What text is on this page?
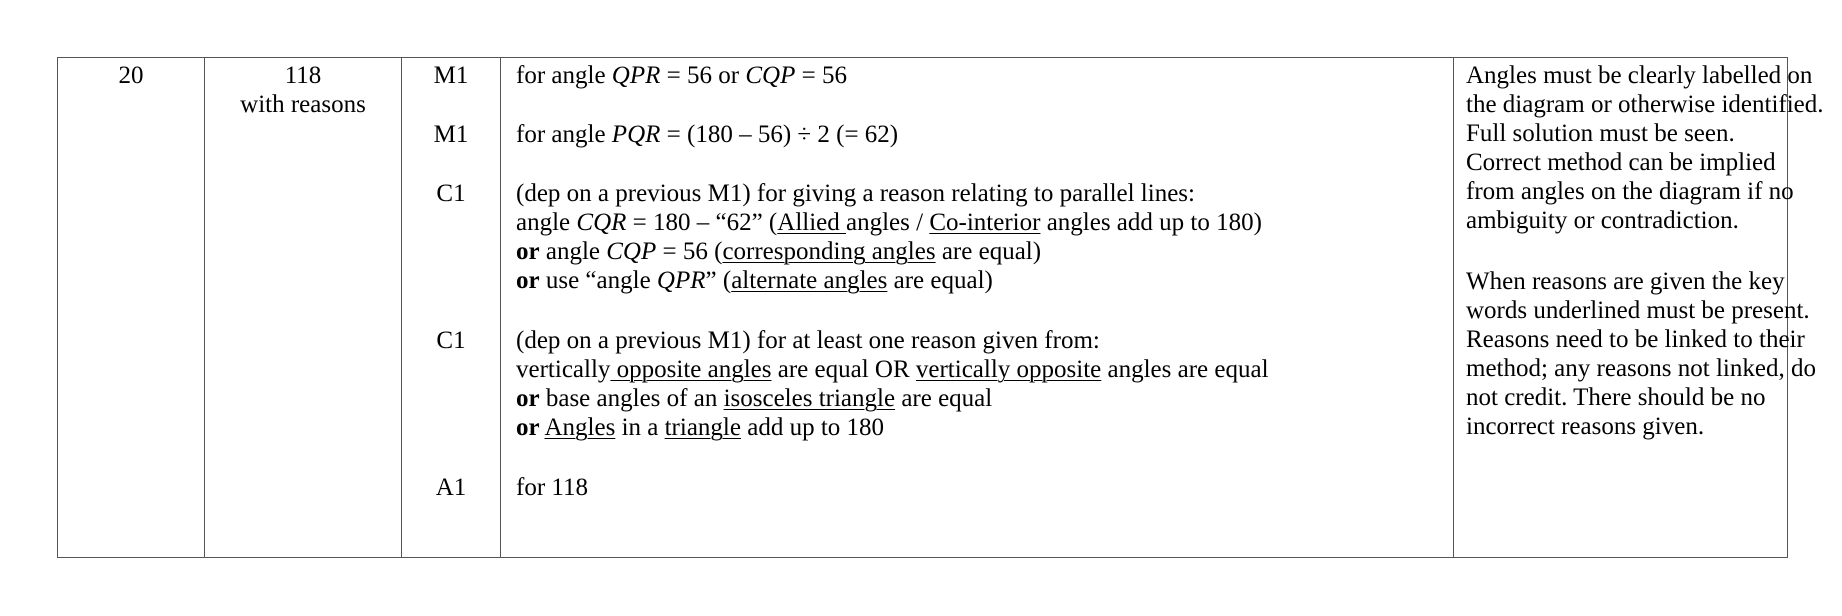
20	118
with reasons
M1
M1
C1
C1
A1
for angle QPR = 56 or CQP = 56
for angle PQR = (180 – 56) ÷ 2 (= 62)
(dep on a previous M1) for giving a reason relating to parallel lines:
angle CQR = 180 – “62” (Allied angles / Co-interior angles add up to 180)
or angle CQP = 56 (corresponding angles are equal)
or use “angle QPR” (alternate angles are equal)
(dep on a previous M1) for at least one reason given from:
vertically opposite angles are equal OR vertically opposite angles are equal
or base angles of an isosceles triangle are equal
or Angles in a triangle add up to 180
for 118
Angles must be clearly labelled on
the diagram or otherwise identified.
Full solution must be seen.
Correct method can be implied
from angles on the diagram if no
ambiguity or contradiction.
When reasons are given the key
words underlined must be present.
Reasons need to be linked to their
method; any reasons not linked, do
not credit. There should be no
incorrect reasons given.
